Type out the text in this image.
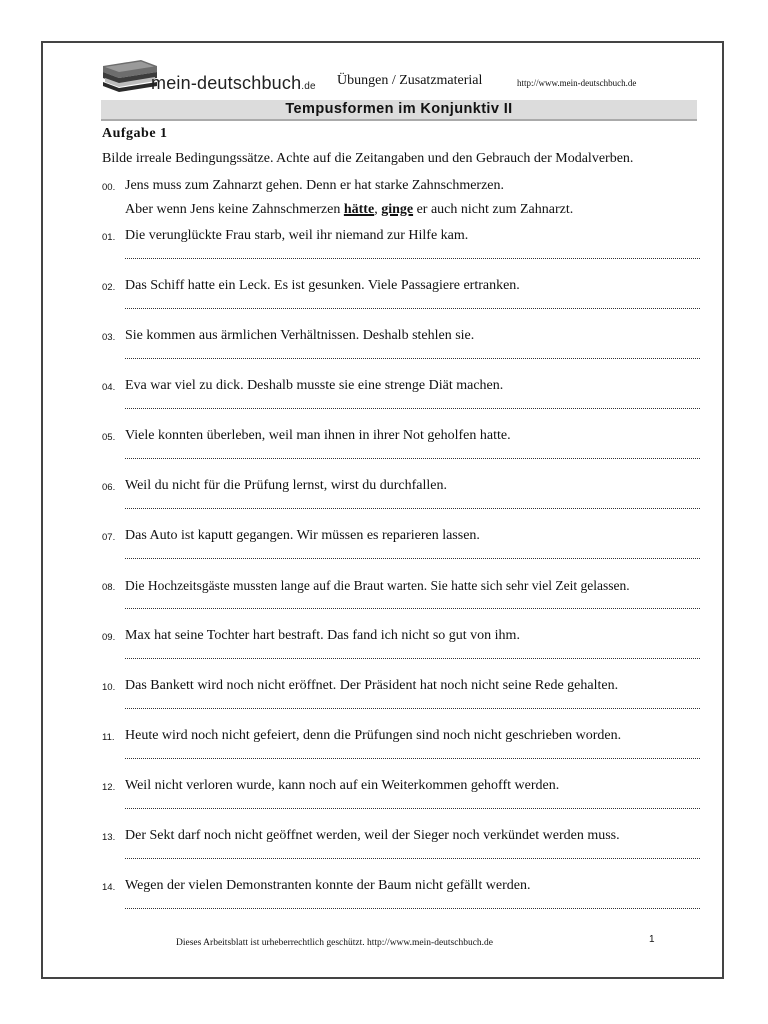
mein-deutschbuch.de Übungen / Zusatzmaterial	http://www.mein-deutschbuch.de
Tempusformen im Konjunktiv II
Aufgabe 1
Bilde irreale Bedingungssätze. Achte auf die Zeitangaben und den Gebrauch der Modalverben.
00. Jens muss zum Zahnarzt gehen. Denn er hat starke Zahnschmerzen.
Aber wenn Jens keine Zahnschmerzen hätte, ginge er auch nicht zum Zahnarzt.
01. Die verunglückte Frau starb, weil ihr niemand zur Hilfe kam.
02. Das Schiff hatte ein Leck. Es ist gesunken. Viele Passagiere ertranken.
03. Sie kommen aus ärmlichen Verhältnissen. Deshalb stehlen sie.
04. Eva war viel zu dick. Deshalb musste sie eine strenge Diät machen.
05. Viele konnten überleben, weil man ihnen in ihrer Not geholfen hatte.
06. Weil du nicht für die Prüfung lernst, wirst du durchfallen.
07. Das Auto ist kaputt gegangen. Wir müssen es reparieren lassen.
08. Die Hochzeitsgäste mussten lange auf die Braut warten. Sie hatte sich sehr viel Zeit gelassen.
09. Max hat seine Tochter hart bestraft. Das fand ich nicht so gut von ihm.
10. Das Bankett wird noch nicht eröffnet. Der Präsident hat noch nicht seine Rede gehalten.
11. Heute wird noch nicht gefeiert, denn die Prüfungen sind noch nicht geschrieben worden.
12. Weil nicht verloren wurde, kann noch auf ein Weiterkommen gehofft werden.
13. Der Sekt darf noch nicht geöffnet werden, weil der Sieger noch verkündet werden muss.
14. Wegen der vielen Demonstranten konnte der Baum nicht gefällt werden.
Dieses Arbeitsblatt ist urheberrechtlich geschützt. http://www.mein-deutschbuch.de	1
